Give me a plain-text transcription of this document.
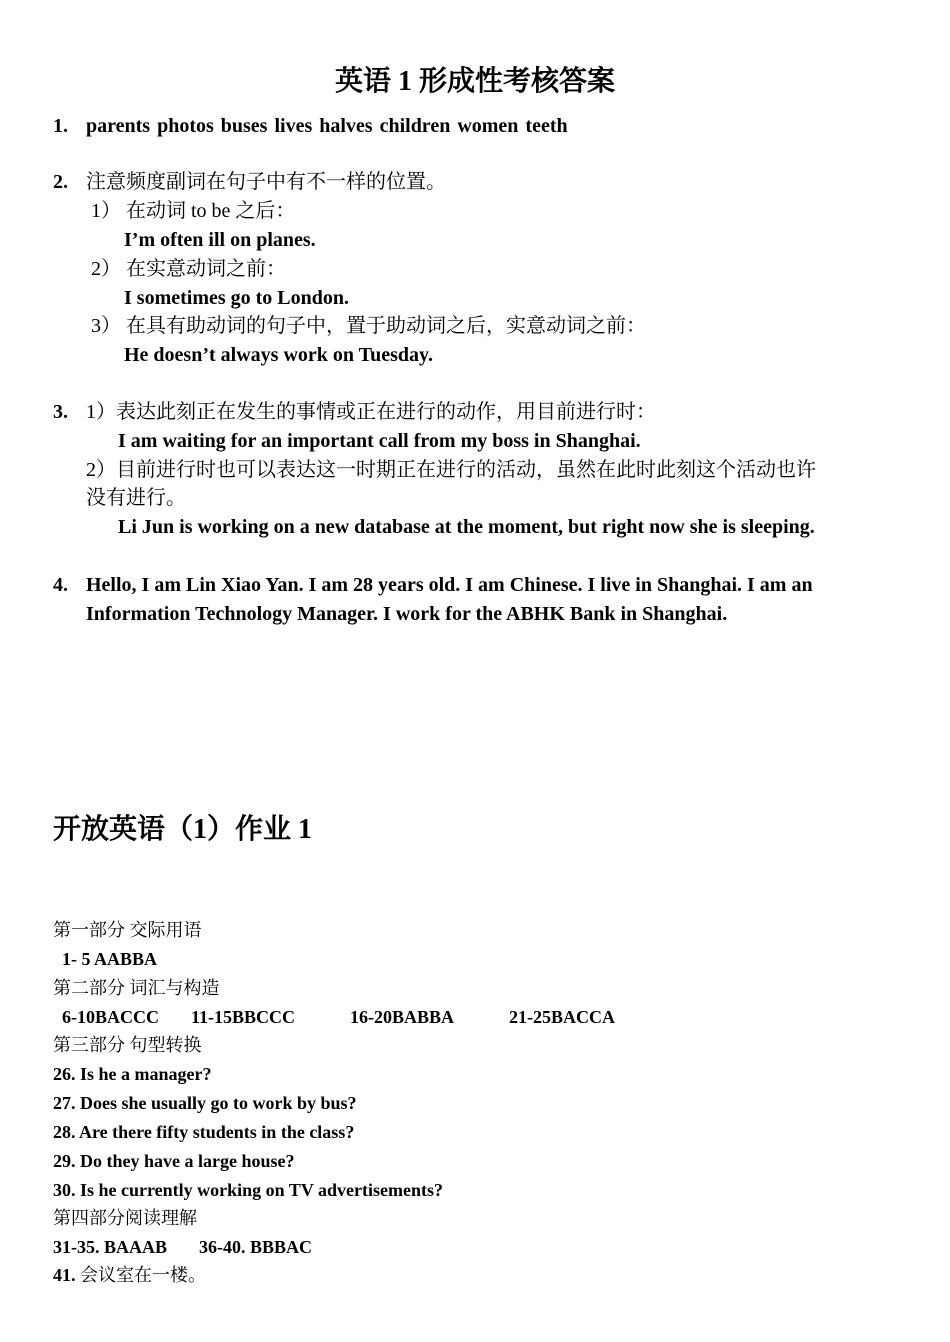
英语 1 形成性考核答案
1. parents photos buses lives halves children women teeth

2. 注意频度副词在句子中有不一样的位置。

1） 在动词 to be 之后：

I’m often ill on planes.

2） 在实意动词之前：

I sometimes go to London.

3） 在具有助动词的句子中，置于助动词之后，实意动词之前：

He doesn’t always work on Tuesday.

3. 1）表达此刻正在发生的事情或正在进行的动作，用目前进行时：

I am waiting for an important call from my boss in Shanghai.

2）目前进行时也可以表达这一时期正在进行的活动，虽然在此时此刻这个活动也许

没有进行。

Li Jun is working on a new database at the moment, but right now she is sleeping.

4. Hello, I am Lin Xiao Yan. I am 28 years old. I am Chinese. I live in Shanghai. I am an

Information Technology Manager. I work for the ABHK Bank in Shanghai.

开放英语（1）作业 1

第一部分 交际用语

1- 5 AABBA

第二部分 词汇与构造

6-10BACCC 11-15BBCCC	16-20BABBA	21-25BACCA

第三部分 句型转换

26. Is he a manager?

27. Does she usually go to work by bus?

28. Are there fifty students in the class?

29. Do they have a large house?

30. Is he currently working on TV advertisements?

第四部分阅读理解

31-35. BAAAB 36-40. BBBAC

41. 会议室在一楼。
